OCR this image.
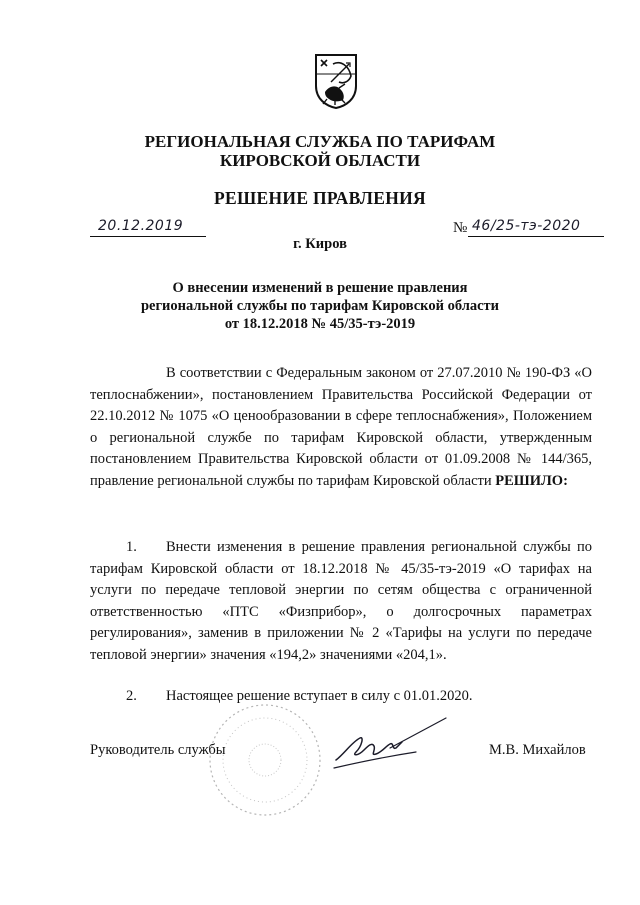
РЕГИОНАЛЬНАЯ СЛУЖБА ПО ТАРИФАМ
КИРОВСКОЙ ОБЛАСТИ
РЕШЕНИЕ ПРАВЛЕНИЯ
20.12.2019	№ 46/25-тэ-2020
г. Киров
О внесении изменений в решение правления
региональной службы по тарифам Кировской области
от 18.12.2018 № 45/35-тэ-2019
В соответствии с Федеральным законом от 27.07.2010 № 190-ФЗ «О теплоснабжении», постановлением Правительства Российской Федерации от 22.10.2012 № 1075 «О ценообразовании в сфере теплоснабжения», Положением о региональной службе по тарифам Кировской области, утвержденным постановлением Правительства Кировской области от 01.09.2008 № 144/365, правление региональной службы по тарифам Кировской области РЕШИЛО:
1. Внести изменения в решение правления региональной службы по тарифам Кировской области от 18.12.2018 № 45/35-тэ-2019 «О тарифах на услуги по передаче тепловой энергии по сетям общества с ограниченной ответственностью «ПТС «Физприбор», о долгосрочных параметрах регулирования», заменив в приложении № 2 «Тарифы на услуги по передаче тепловой энергии» значения «194,2» значениями «204,1».
2. Настоящее решение вступает в силу с 01.01.2020.
Руководитель службы	М.В. Михайлов
